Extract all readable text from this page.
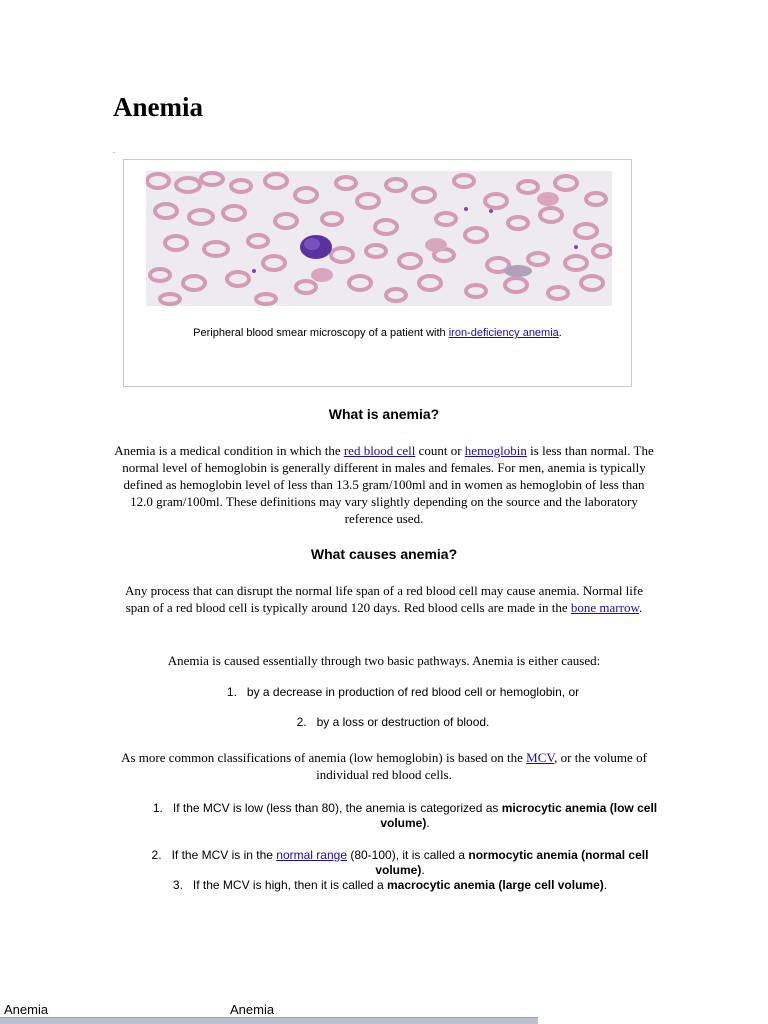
Anemia
.
Peripheral blood smear microscopy of a patient with iron-deficiency anemia.
What is anemia?

Anemia is a medical condition in which the red blood cell count or hemoglobin is less than normal. The normal level of hemoglobin is generally different in males and females. For men, anemia is typically defined as hemoglobin level of less than 13.5 gram/100ml and in women as hemoglobin of less than 12.0 gram/100ml. These definitions may vary slightly depending on the source and the laboratory reference used.

What causes anemia?

Any process that can disrupt the normal life span of a red blood cell may cause anemia. Normal life span of a red blood cell is typically around 120 days. Red blood cells are made in the bone marrow.

Anemia is caused essentially through two basic pathways. Anemia is either caused:

1. by a decrease in production of red blood cell or hemoglobin, or

2. by a loss or destruction of blood.

As more common classifications of anemia (low hemoglobin) is based on the MCV, or the volume of individual red blood cells.

1. If the MCV is low (less than 80), the anemia is categorized as microcytic anemia (low cell volume).

2. If the MCV is in the normal range (80-100), it is called a normocytic anemia (normal cell volume).

3. If the MCV is high, then it is called a macrocytic anemia (large cell volume).

Anemia	Anemia
